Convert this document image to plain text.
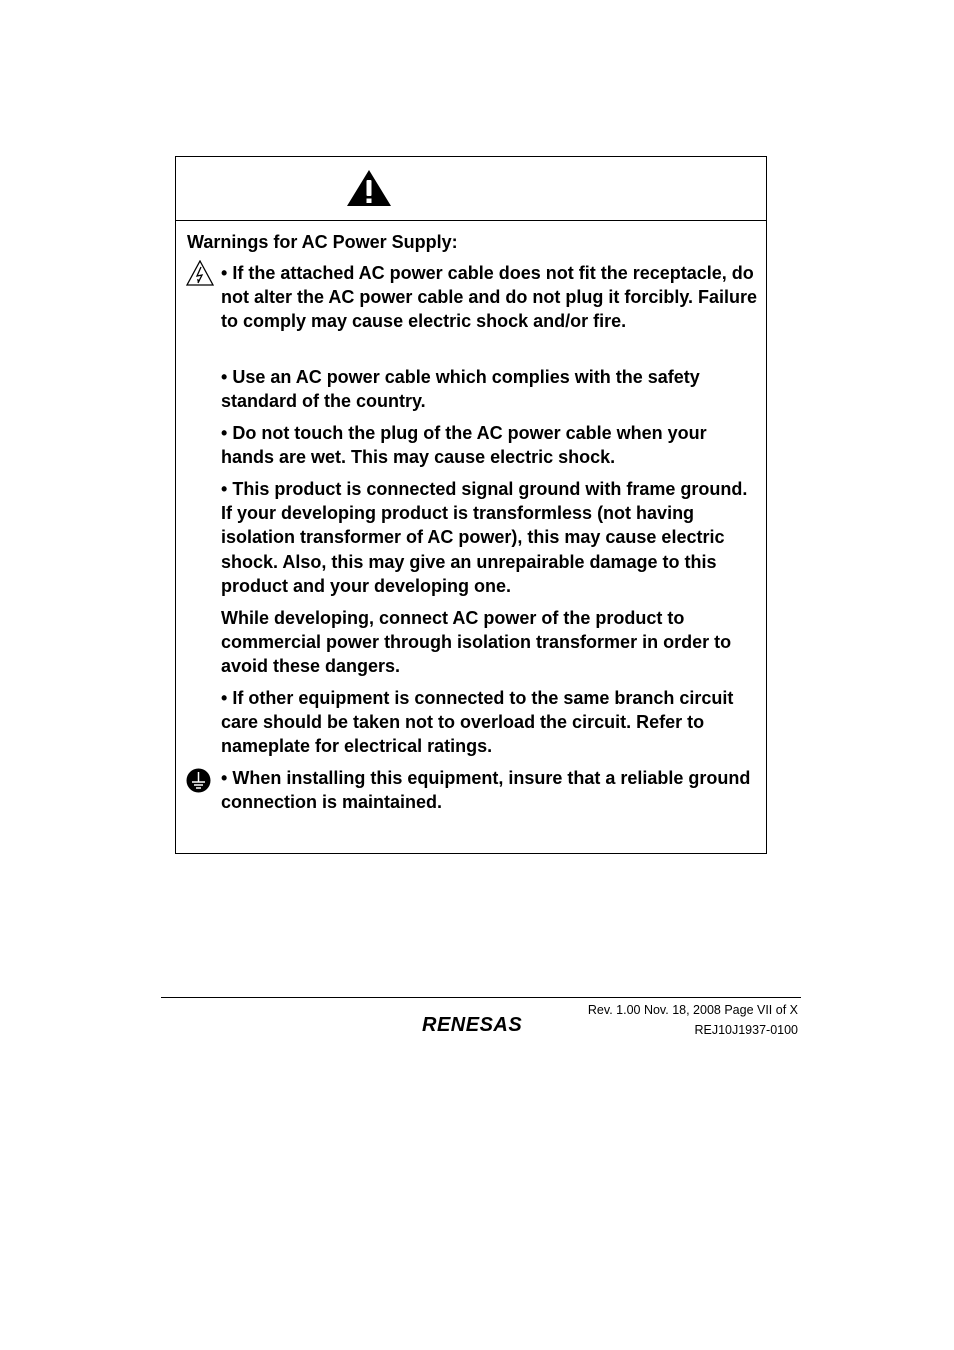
Warnings for AC Power Supply:

• If the attached AC power cable does not fit the receptacle, do not alter the AC power cable and do not plug it forcibly. Failure to comply may cause electric shock and/or fire.

• Use an AC power cable which complies with the safety standard of the country.

• Do not touch the plug of the AC power cable when your hands are wet. This may cause electric shock.

• This product is connected signal ground with frame ground. If your developing product is transformless (not having isolation transformer of AC power), this may cause electric shock. Also, this may give an unrepairable damage to this product and your developing one.

While developing, connect AC power of the product to commercial power through isolation transformer in order to avoid these dangers.

• If other equipment is connected to the same branch circuit care should be taken not to overload the circuit. Refer to nameplate for electrical ratings.

• When installing this equipment, insure that a reliable ground connection is maintained.

RENESAS
Rev. 1.00 Nov. 18, 2008 Page VII of X
REJ10J1937-0100
